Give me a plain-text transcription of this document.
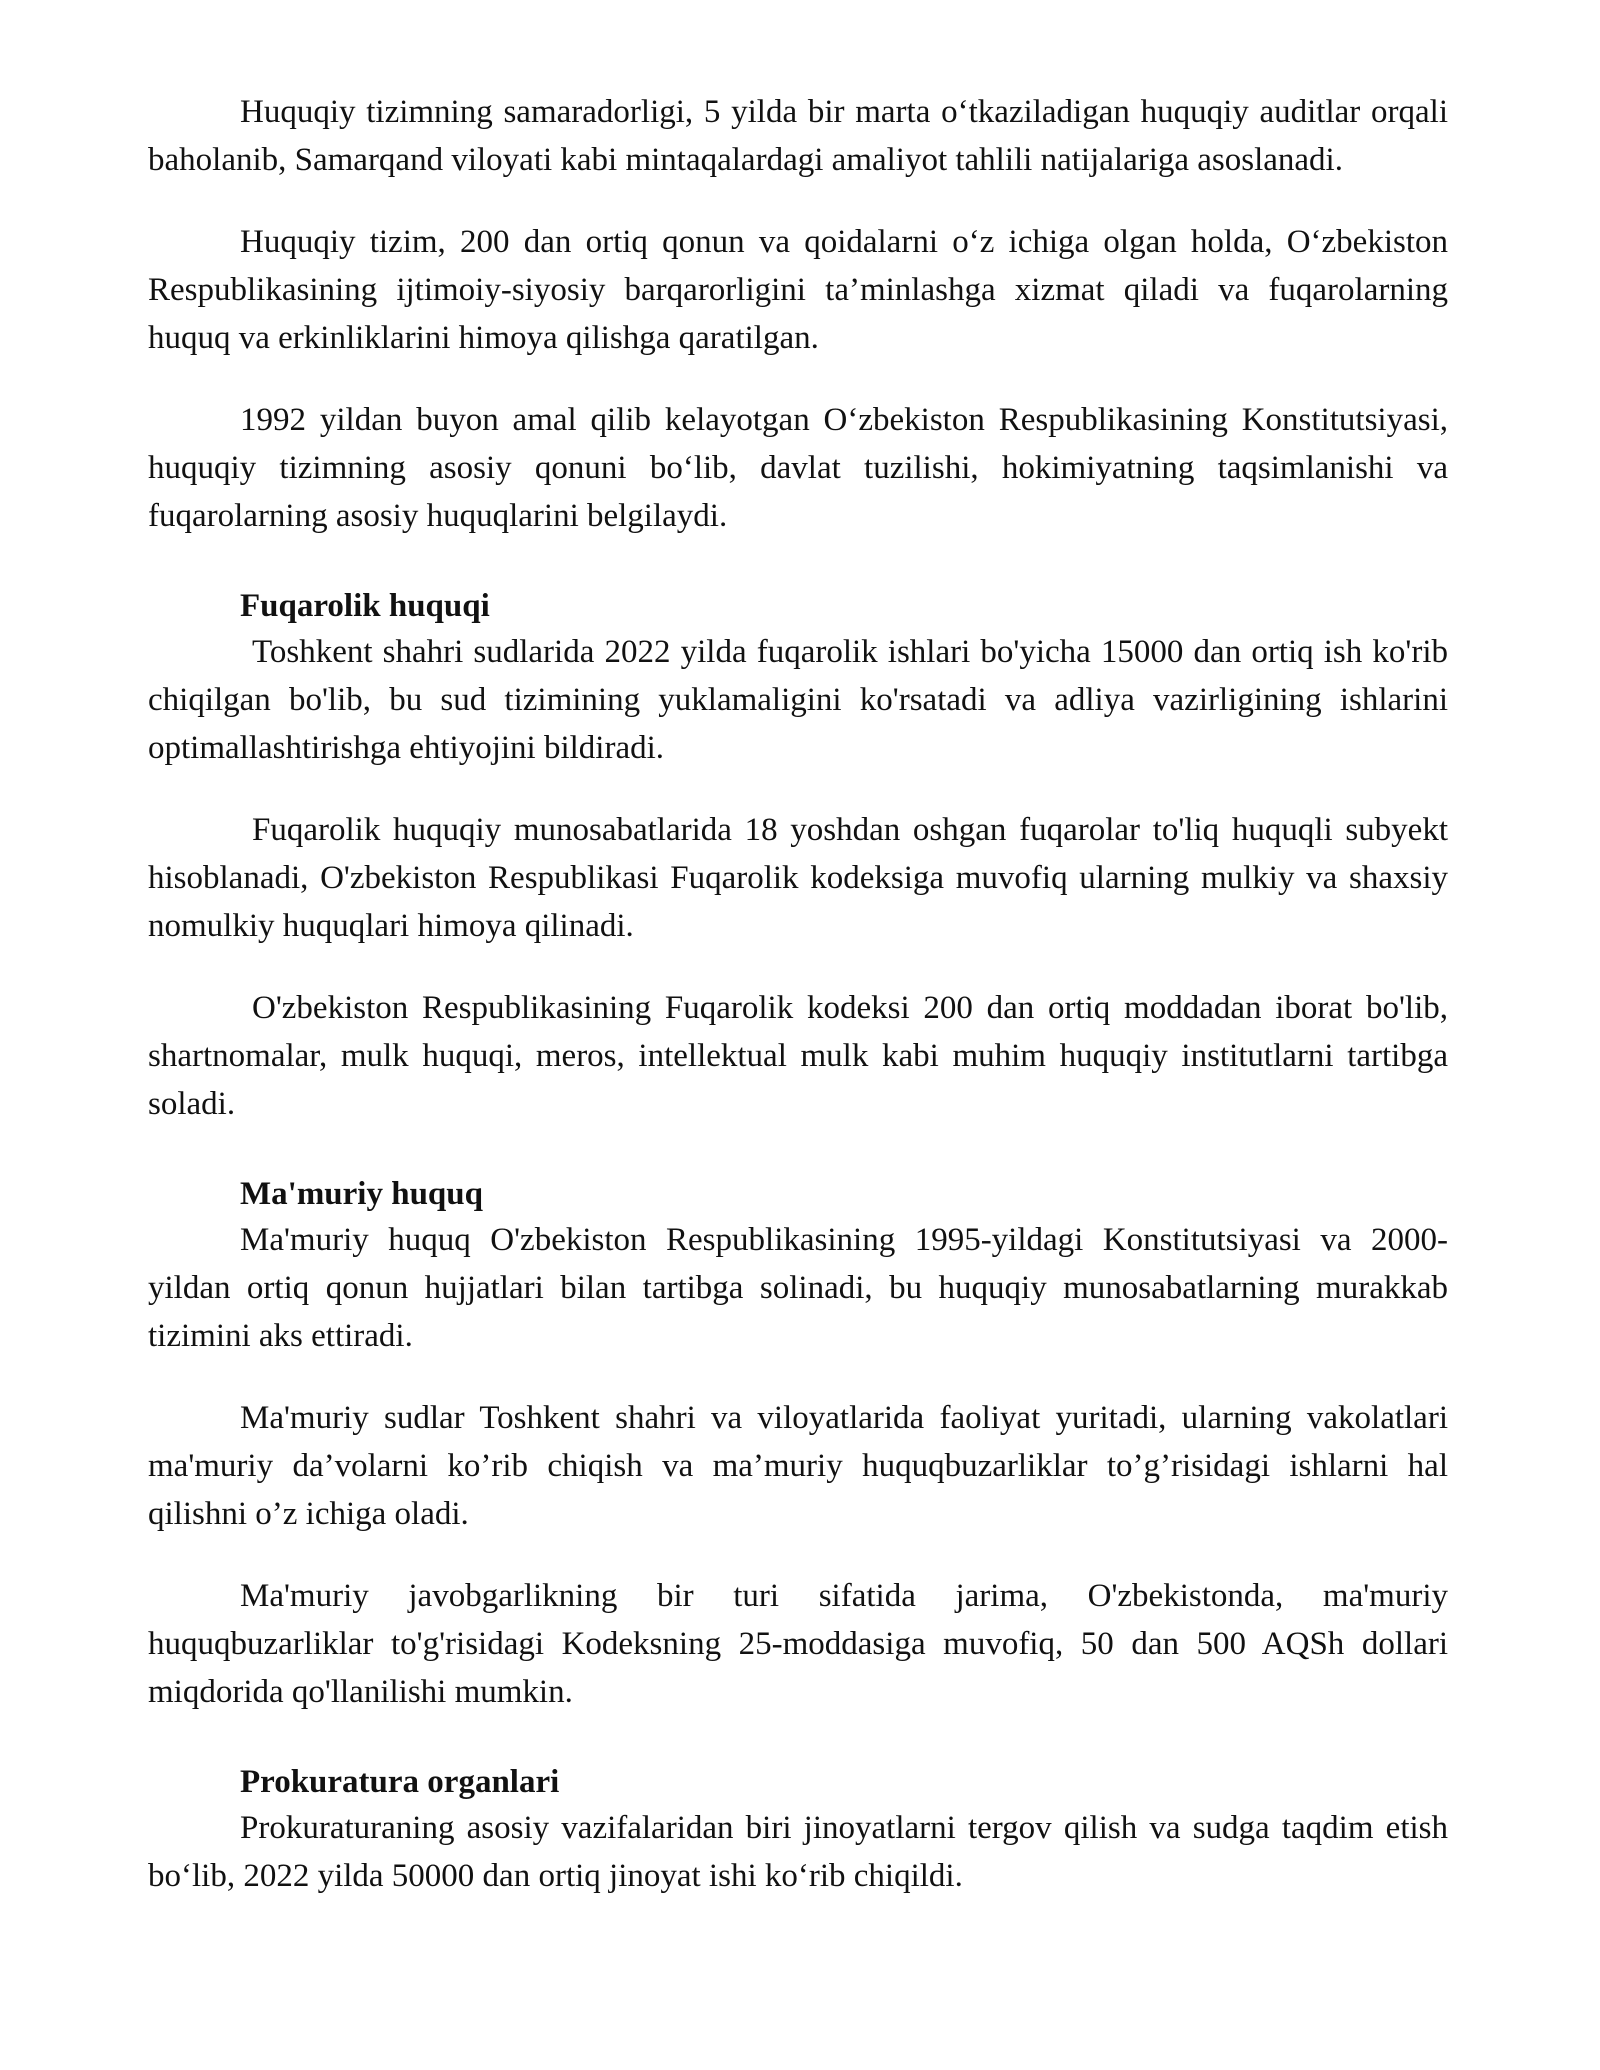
Huquqiy tizimning samaradorligi, 5 yilda bir marta o‘tkaziladigan huquqiy auditlar orqali baholanib, Samarqand viloyati kabi mintaqalardagi amaliyot tahlili natijalariga asoslanadi.

Huquqiy tizim, 200 dan ortiq qonun va qoidalarni o‘z ichiga olgan holda, O‘zbekiston Respublikasining ijtimoiy-siyosiy barqarorligini ta’minlashga xizmat qiladi va fuqarolarning huquq va erkinliklarini himoya qilishga qaratilgan.

1992 yildan buyon amal qilib kelayotgan O‘zbekiston Respublikasining Konstitutsiyasi, huquqiy tizimning asosiy qonuni bo‘lib, davlat tuzilishi, hokimiyatning taqsimlanishi va fuqarolarning asosiy huquqlarini belgilaydi.

Fuqarolik huquqi

Toshkent shahri sudlarida 2022 yilda fuqarolik ishlari bo'yicha 15000 dan ortiq ish ko'rib chiqilgan bo'lib, bu sud tizimining yuklamaligini ko'rsatadi va adliya vazirligining ishlarini optimallashtirishga ehtiyojini bildiradi.

Fuqarolik huquqiy munosabatlarida 18 yoshdan oshgan fuqarolar to'liq huquqli subyekt hisoblanadi, O'zbekiston Respublikasi Fuqarolik kodeksiga muvofiq ularning mulkiy va shaxsiy nomulkiy huquqlari himoya qilinadi.

O'zbekiston Respublikasining Fuqarolik kodeksi 200 dan ortiq moddadan iborat bo'lib, shartnomalar, mulk huquqi, meros, intellektual mulk kabi muhim huquqiy institutlarni tartibga soladi.

Ma'muriy huquq

Ma'muriy huquq O'zbekiston Respublikasining 1995-yildagi Konstitutsiyasi va 2000-yildan ortiq qonun hujjatlari bilan tartibga solinadi, bu huquqiy munosabatlarning murakkab tizimini aks ettiradi.

Ma'muriy sudlar Toshkent shahri va viloyatlarida faoliyat yuritadi, ularning vakolatlari ma'muriy da’volarni ko’rib chiqish va ma’muriy huquqbuzarliklar to’g’risidagi ishlarni hal qilishni o’z ichiga oladi.

Ma'muriy javobgarlikning bir turi sifatida jarima, O'zbekistonda, ma'muriy huquqbuzarliklar to'g'risidagi Kodeksning 25-moddasiga muvofiq, 50 dan 500 AQSh dollari miqdorida qo'llanilishi mumkin.

Prokuratura organlari

Prokuraturaning asosiy vazifalaridan biri jinoyatlarni tergov qilish va sudga taqdim etish bo‘lib, 2022 yilda 50000 dan ortiq jinoyat ishi ko‘rib chiqildi.
